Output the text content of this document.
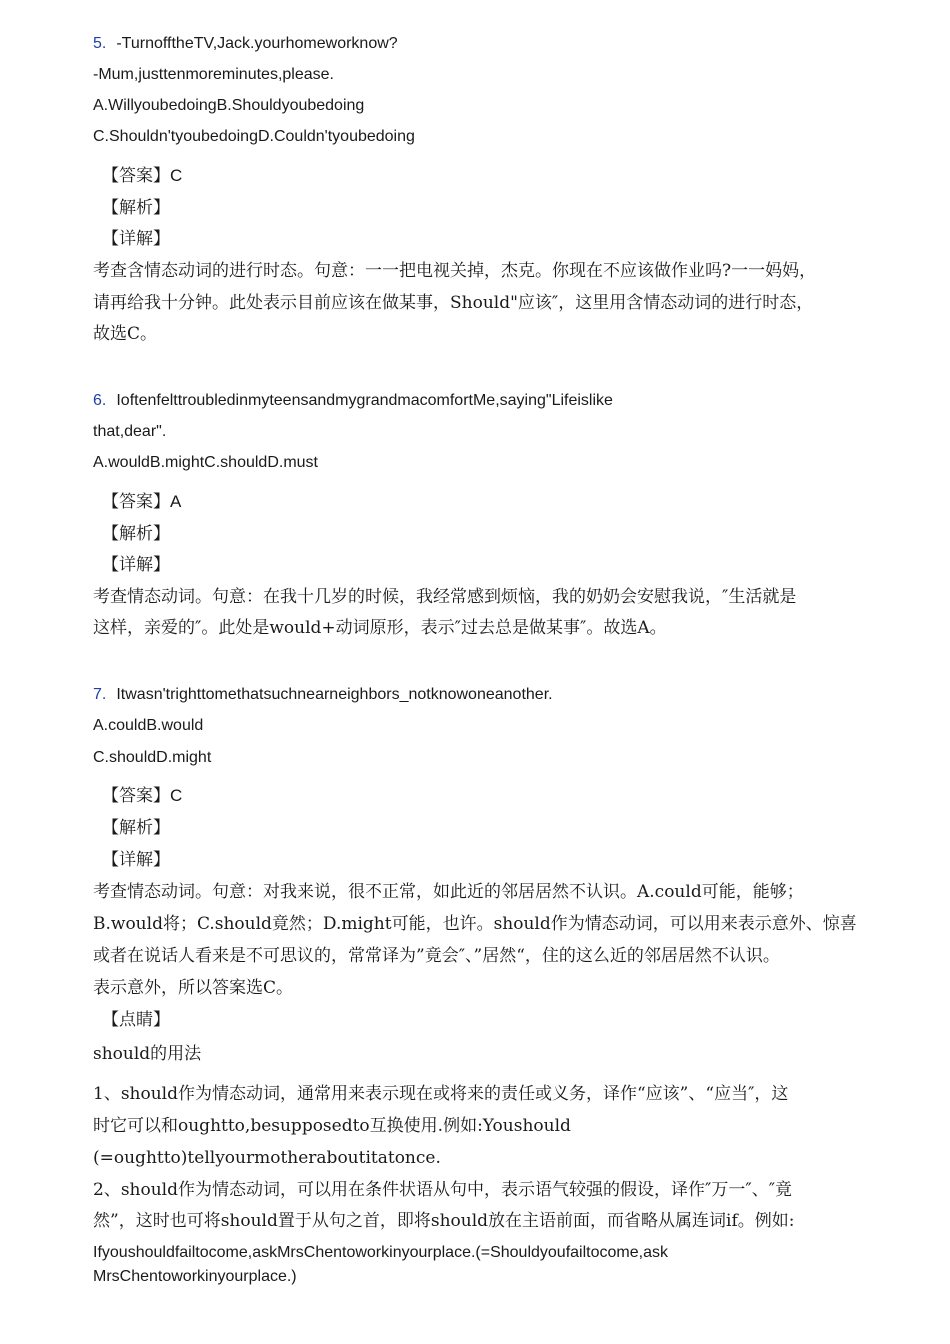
5. -TurnofftheTV,Jack.yourhomeworknow?
-Mum,justtenmoreminutes,please.
A.WillyoubedoingB.Shouldyoubedoing
C.Shouldn'tyoubedoingD.Couldn'tyoubedoing
【答案】C
【解析】
【详解】
考查含情态动词的进行时态。句意：一一把电视关掉，杰克。你现在不应该做作业吗?一一妈妈，
请再给我十分钟。此处表示目前应该在做某事，Should"应该″，这里用含情态动词的进行时态，
故选C。
6. IoftenfelttroubledinmyteensandmygrandmacomfortMe,saying"Lifeislike
that,dear".
A.wouldB.mightC.shouldD.must
【答案】A
【解析】
【详解】
考查情态动词。句意：在我十几岁的时候，我经常感到烦恼，我的奶奶会安慰我说，″生活就是
这样，亲爱的″。此处是would+动词原形，表示″过去总是做某事″。故选A。
7. Itwasn'trighttomethatsuchnearneighbors_notknowoneanother.
A.couldB.would
C.shouldD.might
【答案】C
【解析】
【详解】
考查情态动词。句意：对我来说，很不正常，如此近的邻居居然不认识。A.could可能，能够；
B.would将；C.should竟然；D.might可能，也许。should作为情态动词，可以用来表示意外、惊喜
或者在说话人看来是不可思议的，常常译为”竟会″、”居然“，住的这么近的邻居居然不认识。
表示意外，所以答案选C。
【点睛】
should的用法
1、should作为情态动词，通常用来表示现在或将来的责任或义务，译作“应该”、“应当″，这
时它可以和oughtto,besupposedto互换使用.例如:Youshould
(=oughtto)tellyourmotheraboutitatonce.
2、should作为情态动词，可以用在条件状语从句中，表示语气较强的假设，译作″万一″、″竟
然”，这时也可将should置于从句之首，即将should放在主语前面，而省略从属连词if。例如:
Ifyoushouldfailtocome,askMrsChentoworkinyourplace.(=Shouldyoufailtocome,ask
MrsChentoworkinyourplace.)
